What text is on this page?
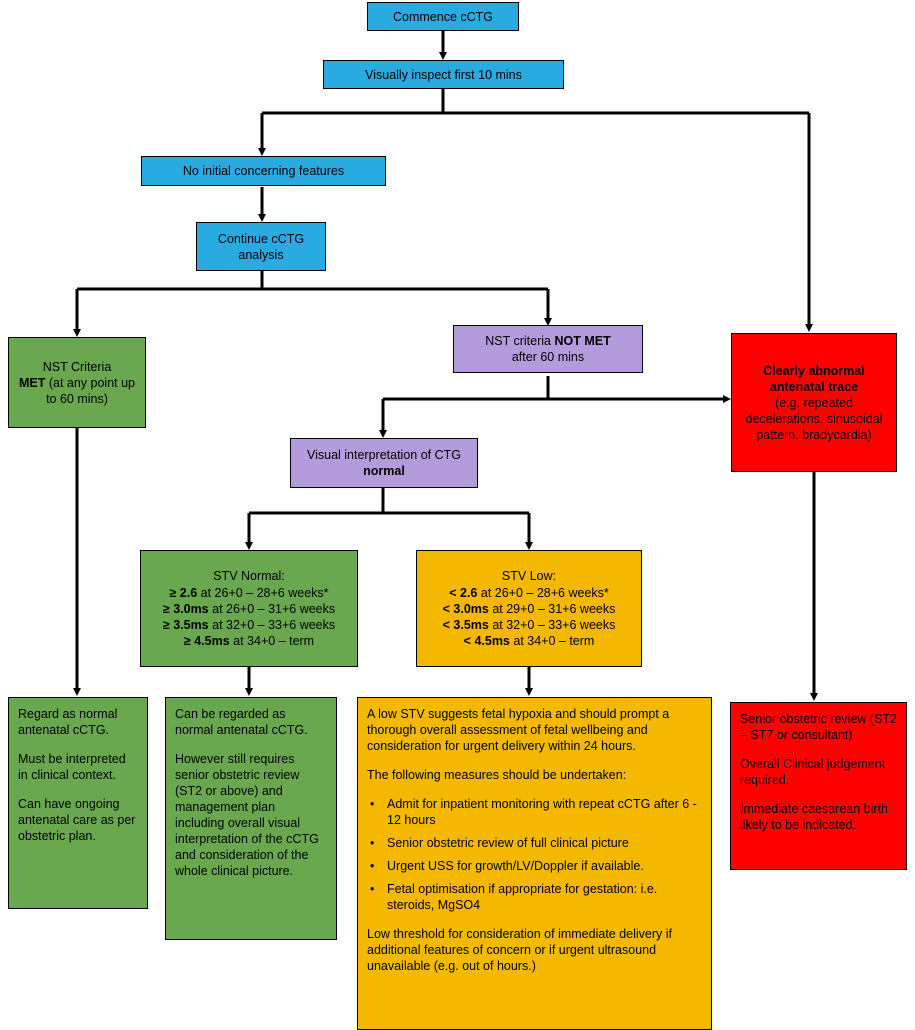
Commence cCTG
Visually inspect first 10 mins
No initial concerning features
Continue cCTG analysis
NST Criteria
MET (at any point up to 60 mins)
NST criteria NOT MET
after 60 mins
Clearly abnormal
antenatal trace
(e.g. repeated decelerations, sinusoidal pattern, bradycardia)
Visual interpretation of CTG normal

STV Normal:

≥ 2.6 at 26+0 – 28+6 weeks*

≥ 3.0ms at 26+0 – 31+6 weeks

≥ 3.5ms at 32+0 – 33+6 weeks

≥ 4.5ms at 34+0 – term

STV Low:

< 2.6 at 26+0 – 28+6 weeks*

< 3.0ms at 29+0 – 31+6 weeks

< 3.5ms at 32+0 – 33+6 weeks

< 4.5ms at 34+0 – term

Regard as normal antenatal cCTG.

Must be interpreted in clinical context.

Can have ongoing antenatal care as per obstetric plan.

Can be regarded as normal antenatal cCTG.

However still requires senior obstetric review (ST2 or above) and management plan including overall visual interpretation of the cCTG and consideration of the whole clinical picture.

A low STV suggests fetal hypoxia and should prompt a thorough overall assessment of fetal wellbeing and consideration for urgent delivery within 24 hours.

The following measures should be undertaken:

• Admit for inpatient monitoring with repeat cCTG after 6 - 12 hours
• Senior obstetric review of full clinical picture
• Urgent USS for growth/LV/Doppler if available.
• Fetal optimisation if appropriate for gestation: i.e. steroids, MgSO4

Low threshold for consideration of immediate delivery if additional features of concern or if urgent ultrasound unavailable (e.g. out of hours.)

Senior obstetric review (ST2 – ST7 or consultant)

Overall Clinical judgement required.

Immediate caesarean birth likely to be indicated.
